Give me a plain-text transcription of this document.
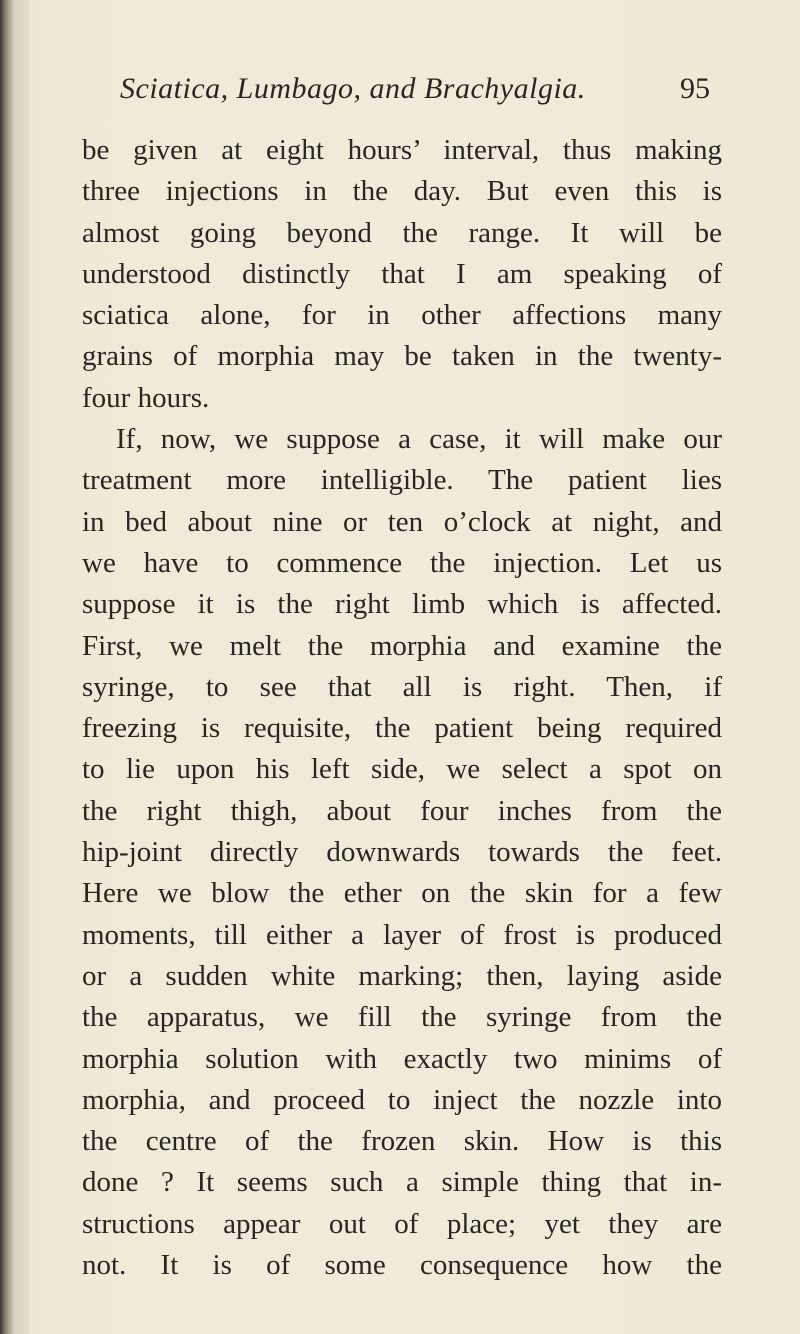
Sciatica, Lumbago, and Brachyalgia.	95
be given at eight hours’ interval, thus making
three injections in the day. But even this is
almost going beyond the range. It will be
understood distinctly that I am speaking of
sciatica alone, for in other affections many
grains of morphia may be taken in the twenty-
four hours.
If, now, we suppose a case, it will make our
treatment more intelligible. The patient lies
in bed about nine or ten o’clock at night, and
we have to commence the injection. Let us
suppose it is the right limb which is affected.
First, we melt the morphia and examine the
syringe, to see that all is right. Then, if
freezing is requisite, the patient being required
to lie upon his left side, we select a spot on
the right thigh, about four inches from the
hip-joint directly downwards towards the feet.
Here we blow the ether on the skin for a few
moments, till either a layer of frost is produced
or a sudden white marking; then, laying aside
the apparatus, we fill the syringe from the
morphia solution with exactly two minims of
morphia, and proceed to inject the nozzle into
the centre of the frozen skin. How is this
done ? It seems such a simple thing that in-
structions appear out of place; yet they are
not. It is of some consequence how the
